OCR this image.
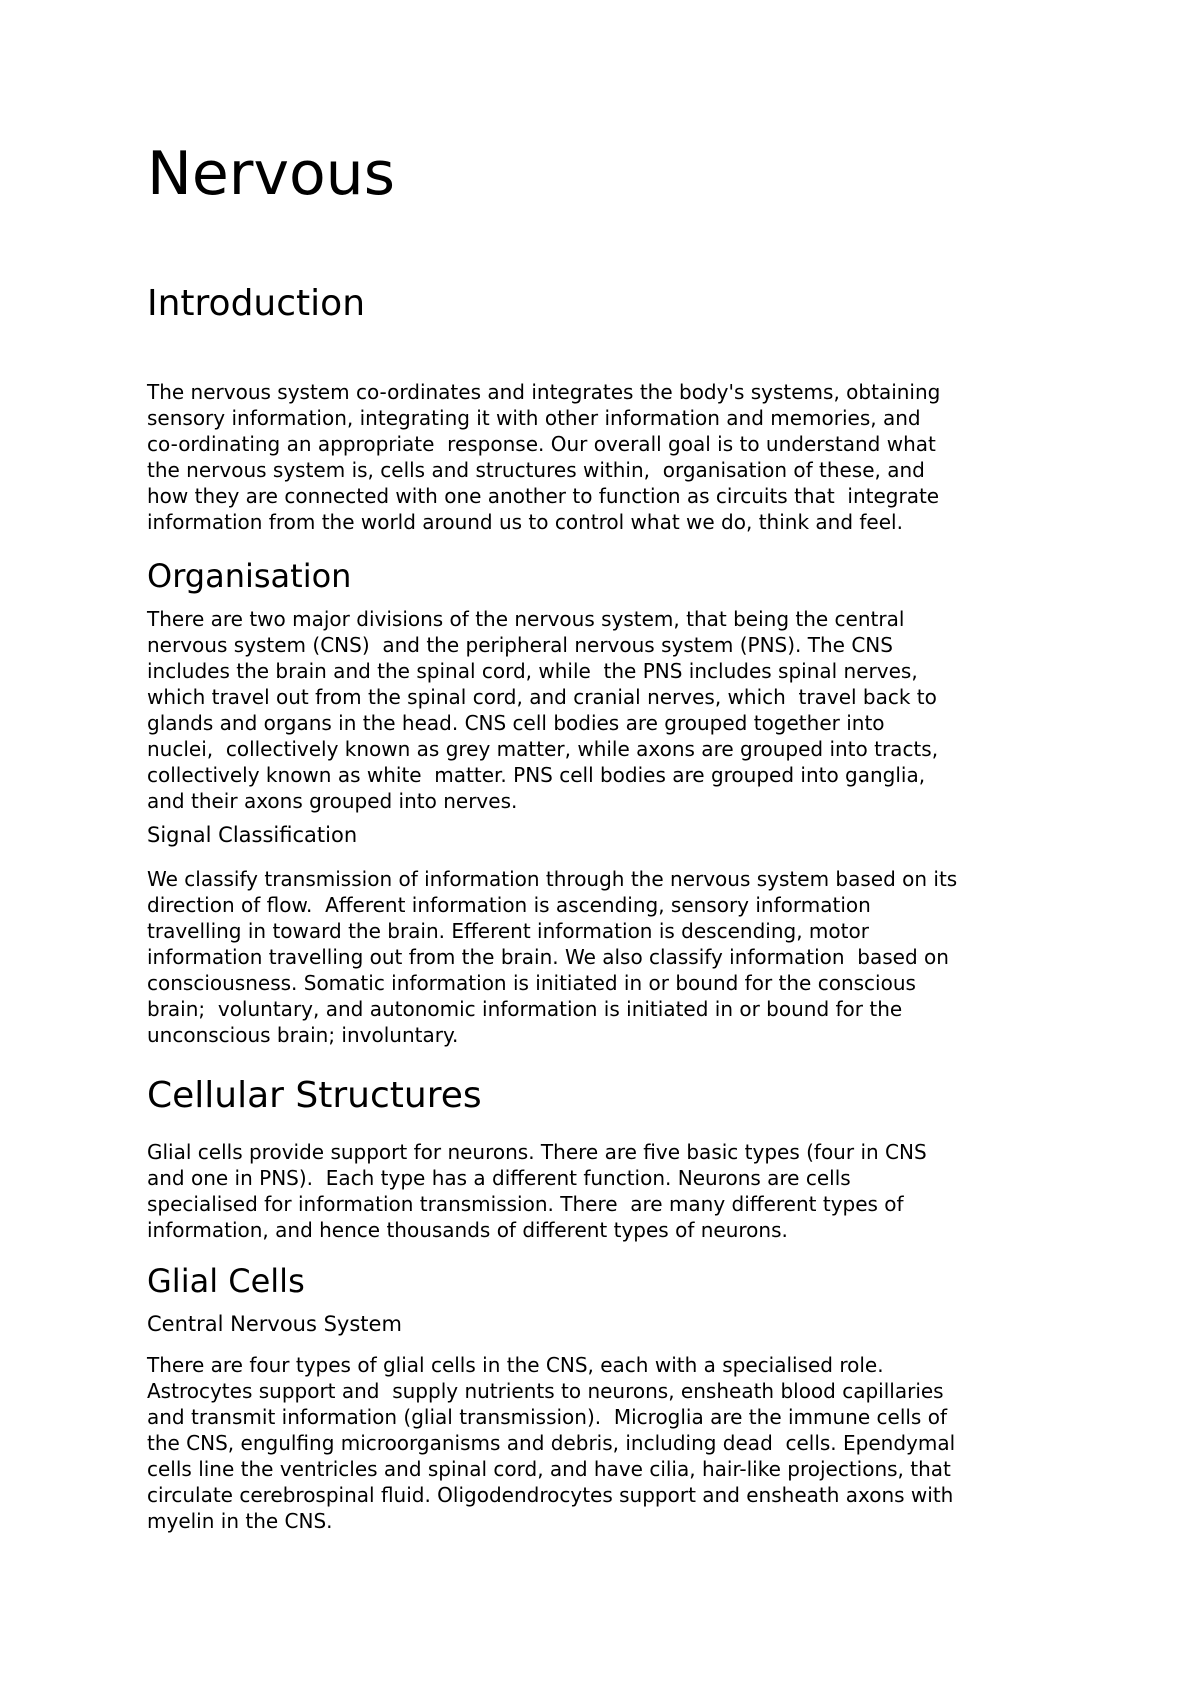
Nervous
Introduction
The nervous system co-ordinates and integrates the body's systems, obtaining
sensory information, integrating it with other information and memories, and
co-ordinating an appropriate  response. Our overall goal is to understand what
the nervous system is, cells and structures within,  organisation of these, and
how they are connected with one another to function as circuits that  integrate
information from the world around us to control what we do, think and feel.
Organisation
There are two major divisions of the nervous system, that being the central
nervous system (CNS)  and the peripheral nervous system (PNS). The CNS
includes the brain and the spinal cord, while  the PNS includes spinal nerves,
which travel out from the spinal cord, and cranial nerves, which  travel back to
glands and organs in the head. CNS cell bodies are grouped together into
nuclei,  collectively known as grey matter, while axons are grouped into tracts,
collectively known as white  matter. PNS cell bodies are grouped into ganglia,
and their axons grouped into nerves.
Signal Classification
We classify transmission of information through the nervous system based on its
direction of flow.  Afferent information is ascending, sensory information
travelling in toward the brain. Efferent information is descending, motor
information travelling out from the brain. We also classify information  based on
consciousness. Somatic information is initiated in or bound for the conscious
brain;  voluntary, and autonomic information is initiated in or bound for the
unconscious brain; involuntary.
Cellular Structures
Glial cells provide support for neurons. There are five basic types (four in CNS
and one in PNS).  Each type has a different function. Neurons are cells
specialised for information transmission. There  are many different types of
information, and hence thousands of different types of neurons.
Glial Cells
Central Nervous System
There are four types of glial cells in the CNS, each with a specialised role.
Astrocytes support and  supply nutrients to neurons, ensheath blood capillaries
and transmit information (glial transmission).  Microglia are the immune cells of
the CNS, engulfing microorganisms and debris, including dead  cells. Ependymal
cells line the ventricles and spinal cord, and have cilia, hair-like projections, that
circulate cerebrospinal fluid. Oligodendrocytes support and ensheath axons with
myelin in the CNS.
